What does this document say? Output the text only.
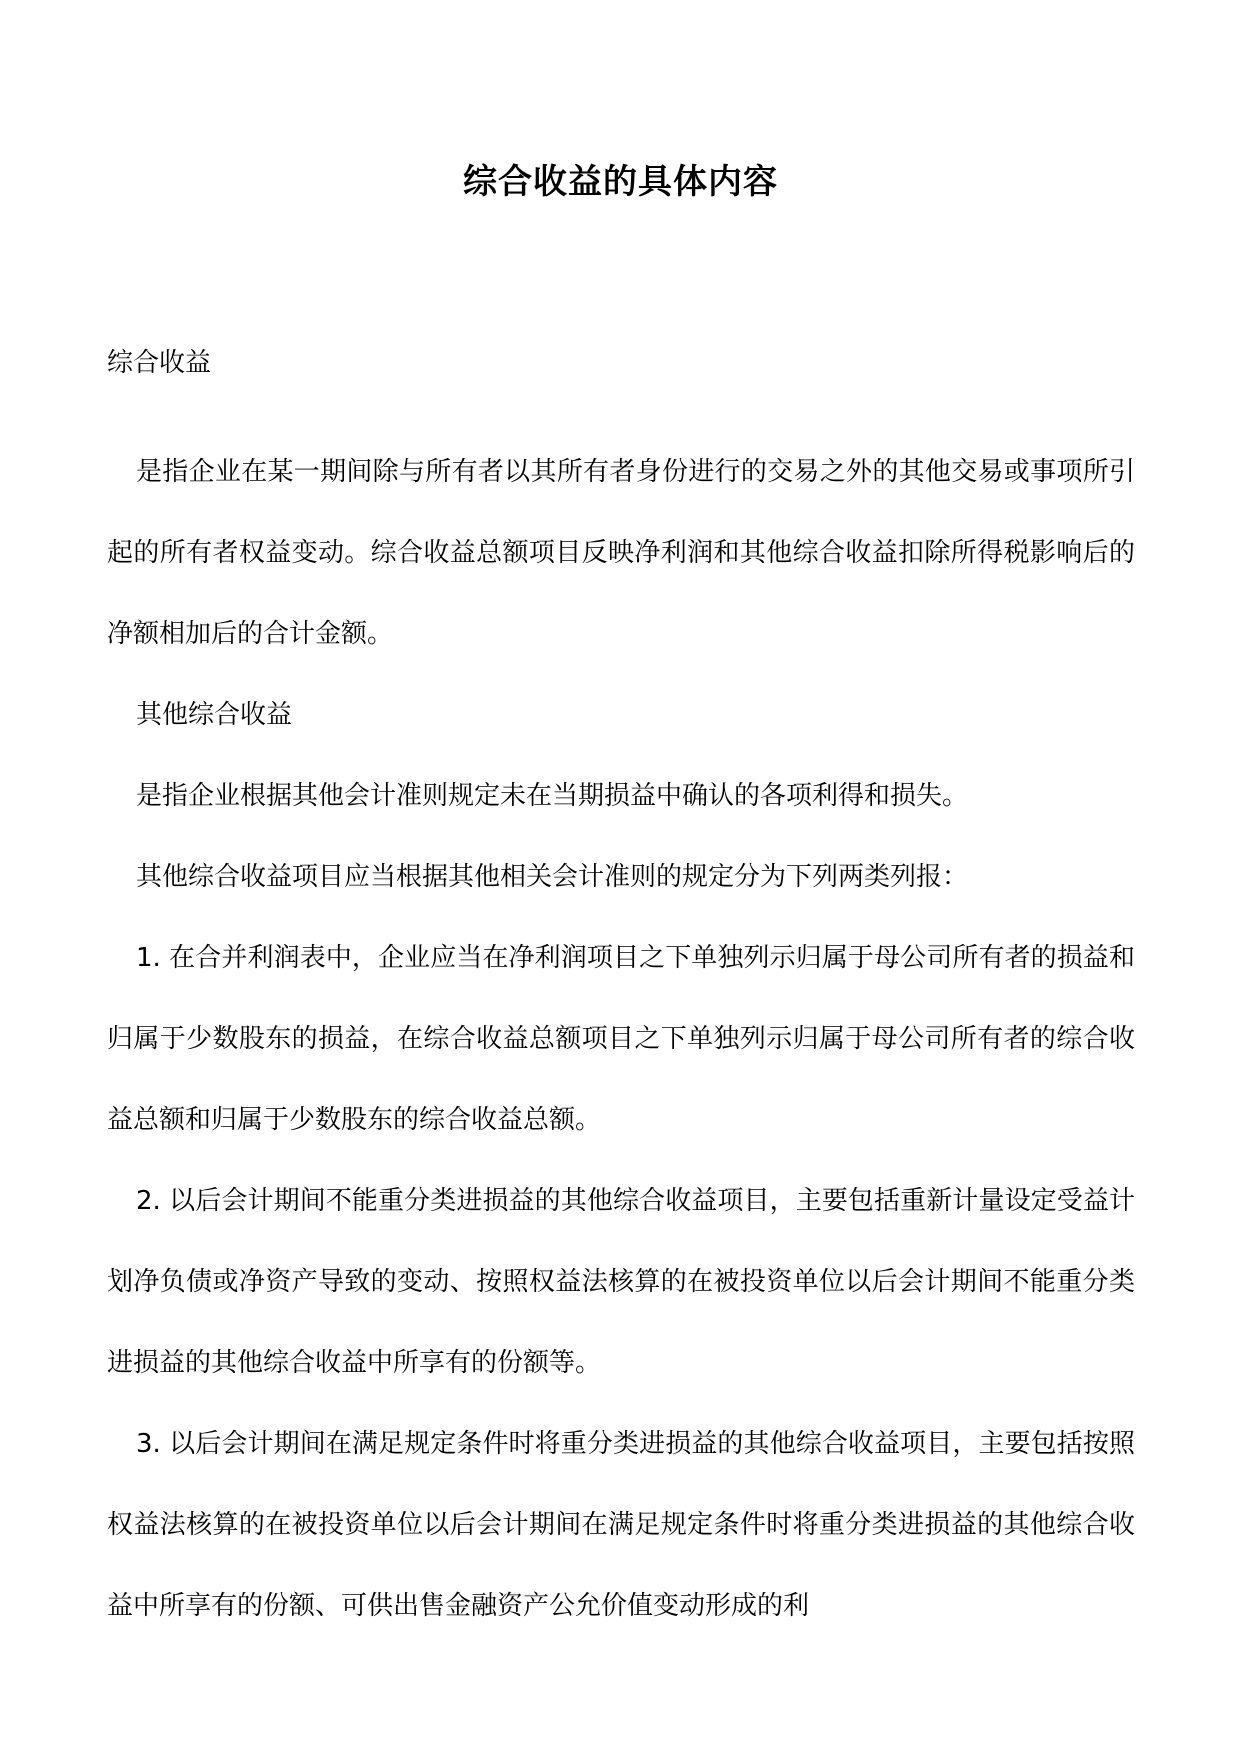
综合收益的具体内容
综合收益

是指企业在某一期间除与所有者以其所有者身份进行的交易之外的其他交易或事项所引起的所有者权益变动。综合收益总额项目反映净利润和其他综合收益扣除所得税影响后的净额相加后的合计金额。

其他综合收益

是指企业根据其他会计准则规定未在当期损益中确认的各项利得和损失。

其他综合收益项目应当根据其他相关会计准则的规定分为下列两类列报：

1. 在合并利润表中，企业应当在净利润项目之下单独列示归属于母公司所有者的损益和归属于少数股东的损益，在综合收益总额项目之下单独列示归属于母公司所有者的综合收益总额和归属于少数股东的综合收益总额。

2. 以后会计期间不能重分类进损益的其他综合收益项目，主要包括重新计量设定受益计划净负债或净资产导致的变动、按照权益法核算的在被投资单位以后会计期间不能重分类进损益的其他综合收益中所享有的份额等。

3. 以后会计期间在满足规定条件时将重分类进损益的其他综合收益项目，主要包括按照权益法核算的在被投资单位以后会计期间在满足规定条件时将重分类进损益的其他综合收益中所享有的份额、可供出售金融资产公允价值变动形成的利
